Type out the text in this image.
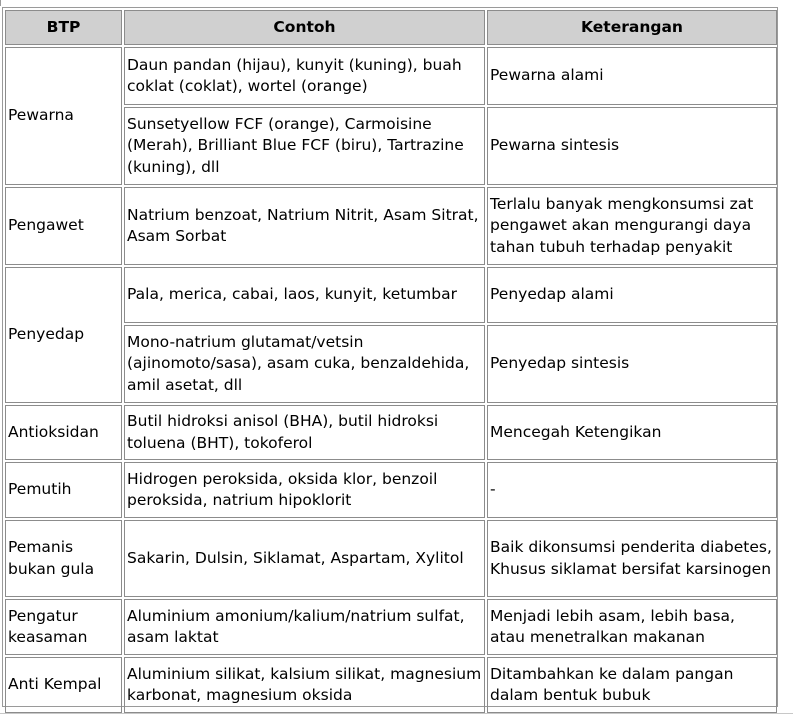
BTP	Contoh	Keterangan
Pewarna	Daun pandan (hijau), kunyit (kuning), buah coklat (coklat), wortel (orange)	Pewarna alami
	Sunsetyellow FCF (orange), Carmoisine (Merah), Brilliant Blue FCF (biru), Tartrazine (kuning), dll	Pewarna sintesis
Pengawet	Natrium benzoat, Natrium Nitrit, Asam Sitrat, Asam Sorbat	Terlalu banyak mengkonsumsi zat pengawet akan mengurangi daya tahan tubuh terhadap penyakit
Penyedap	Pala, merica, cabai, laos, kunyit, ketumbar	Penyedap alami
	Mono-natrium glutamat/vetsin (ajinomoto/sasa), asam cuka, benzaldehida, amil asetat, dll	Penyedap sintesis
Antioksidan	Butil hidroksi anisol (BHA), butil hidroksi toluena (BHT), tokoferol	Mencegah Ketengikan
Pemutih	Hidrogen peroksida, oksida klor, benzoil peroksida, natrium hipoklorit	-
Pemanis bukan gula	Sakarin, Dulsin, Siklamat, Aspartam, Xylitol	Baik dikonsumsi penderita diabetes, Khusus siklamat bersifat karsinogen
Pengatur keasaman	Aluminium amonium/kalium/natrium sulfat, asam laktat	Menjadi lebih asam, lebih basa, atau menetralkan makanan
Anti Kempal	Aluminium silikat, kalsium silikat, magnesium karbonat, magnesium oksida	Ditambahkan ke dalam pangan dalam bentuk bubuk
